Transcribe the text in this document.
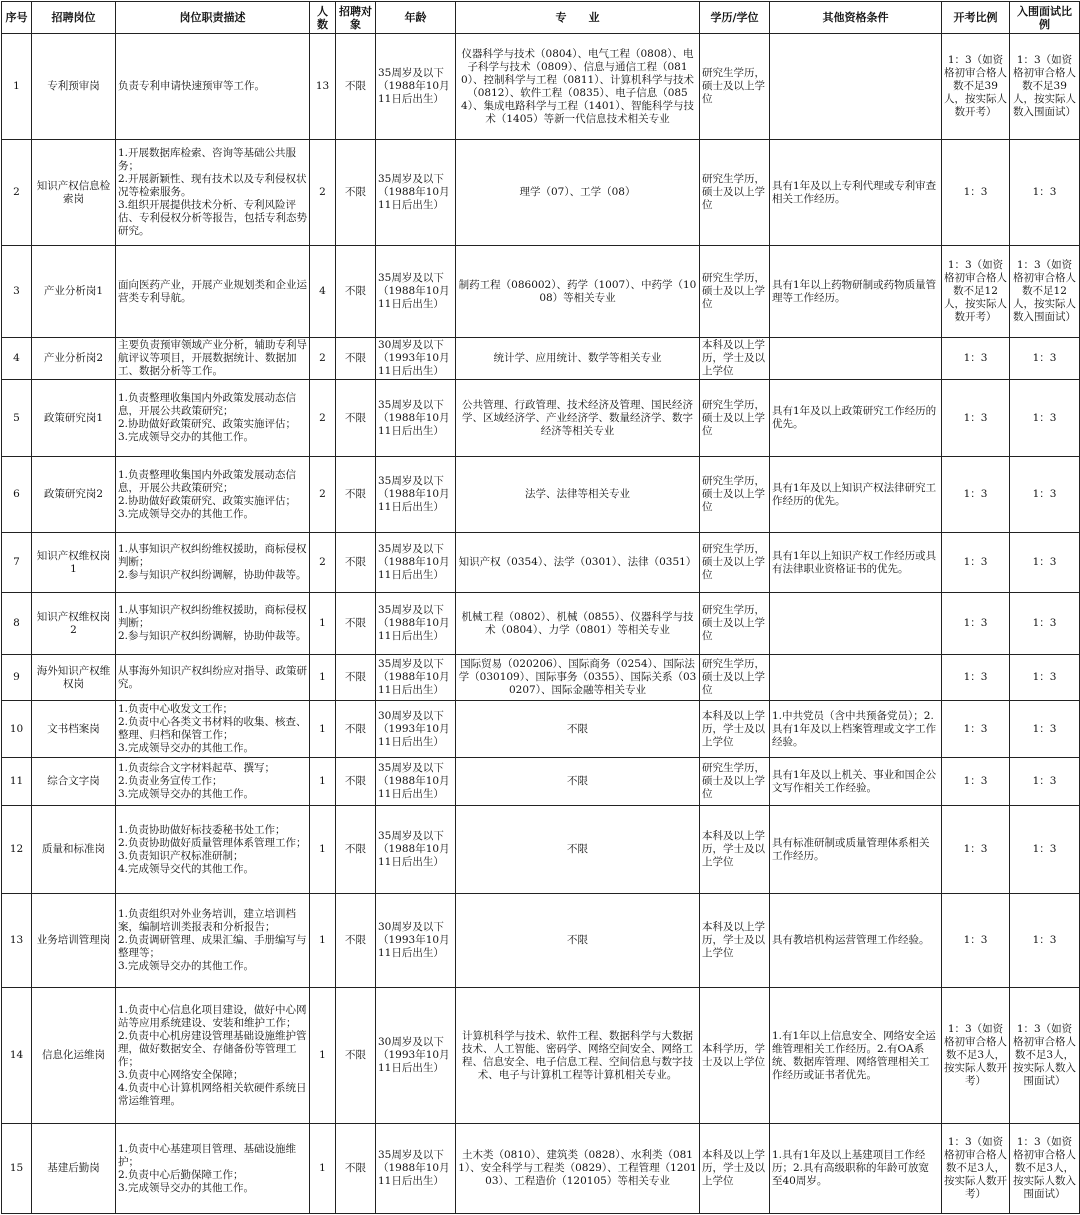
序号	招聘岗位	岗位职责描述	人数	招聘对象	年龄	专　　业	学历/学位	其他资格条件	开考比例	入围面试比例
1	专利预审岗	负责专利申请快速预审等工作。	13	不限	35周岁及以下（1988年10月11日后出生）	仪器科学与技术（0804）、电气工程（0808）、电子科学与技术（0809）、信息与通信工程（0810）、控制科学与工程（0811）、计算机科学与技术（0812）、软件工程（0835）、电子信息（0854）、集成电路科学与工程（1401）、智能科学与技术（1405）等新一代信息技术相关专业	研究生学历，硕士及以上学位		1：3（如资格初审合格人数不足39人，按实际人数开考）	1：3（如资格初审合格人数不足39人，按实际人数入围面试）
2	知识产权信息检索岗	1.开展数据库检索、咨询等基础公共服务；
2.开展新颖性、现有技术以及专利侵权状况等检索服务。
3.组织开展提供技术分析、专利风险评估、专利侵权分析等报告，包括专利态势研究。	2	不限	35周岁及以下（1988年10月11日后出生）	理学（07）、工学（08）	研究生学历，硕士及以上学位	具有1年及以上专利代理或专利审查相关工作经历。	1：3	1：3
3	产业分析岗1	面向医药产业，开展产业规划类和企业运营类专利导航。	4	不限	35周岁及以下（1988年10月11日后出生）	制药工程（086002）、药学（1007）、中药学（1008）等相关专业	研究生学历，硕士及以上学位	具有1年以上药物研制或药物质量管理等工作经历。	1：3（如资格初审合格人数不足12人，按实际人数开考）	1：3（如资格初审合格人数不足12人，按实际人数入围面试）
4	产业分析岗2	主要负责预审领域产业分析，辅助专利导航评议等项目，开展数据统计、数据加工、数据分析等工作。	2	不限	30周岁及以下（1993年10月11日后出生）	统计学、应用统计、数学等相关专业	本科及以上学历，学士及以上学位		1：3	1：3
5	政策研究岗1	1.负责整理收集国内外政策发展动态信息，开展公共政策研究；
2.协助做好政策研究、政策实施评估；
3.完成领导交办的其他工作。	2	不限	35周岁及以下（1988年10月11日后出生）	公共管理、行政管理、技术经济及管理、国民经济学、区域经济学、产业经济学、数量经济学、数字经济等相关专业	研究生学历，硕士及以上学位	具有1年及以上政策研究工作经历的优先。	1：3	1：3
6	政策研究岗2	1.负责整理收集国内外政策发展动态信息，开展公共政策研究；
2.协助做好政策研究、政策实施评估；
3.完成领导交办的其他工作。	2	不限	35周岁及以下（1988年10月11日后出生）	法学、法律等相关专业	研究生学历，硕士及以上学位	具有1年及以上知识产权法律研究工作经历的优先。	1：3	1：3
7	知识产权维权岗1	1.从事知识产权纠纷维权援助，商标侵权判断；
2.参与知识产权纠纷调解，协助仲裁等。	2	不限	35周岁及以下（1988年10月11日后出生）	知识产权（0354）、法学（0301）、法律（0351）	研究生学历，硕士及以上学位	具有1年以上知识产权工作经历或具有法律职业资格证书的优先。	1：3	1：3
8	知识产权维权岗2	1.从事知识产权纠纷维权援助，商标侵权判断；
2.参与知识产权纠纷调解，协助仲裁等。	1	不限	35周岁及以下（1988年10月11日后出生）	机械工程（0802）、机械（0855）、仪器科学与技术（0804）、力学（0801）等相关专业	研究生学历，硕士及以上学位		1：3	1：3
9	海外知识产权维权岗	从事海外知识产权纠纷应对指导、政策研究。	1	不限	35周岁及以下（1988年10月11日后出生）	国际贸易（020206）、国际商务（0254）、国际法学（030109）、国际事务（0355）、国际关系（030207）、国际金融等相关专业	研究生学历，硕士及以上学位		1：3	1：3
10	文书档案岗	1.负责中心收发文工作；
2.负责中心各类文书材料的收集、核查、整理、归档和保管工作；
3.完成领导交办的其他工作。	1	不限	30周岁及以下（1993年10月11日后出生）	不限	本科及以上学历，学士及以上学位	1.中共党员（含中共预备党员）；2.具有1年及以上档案管理或文字工作经验。	1：3	1：3
11	综合文字岗	1.负责综合文字材料起草、撰写；
2.负责业务宣传工作；
3.完成领导交办的其他工作。	1	不限	35周岁及以下（1988年10月11日后出生）	不限	研究生学历，硕士及以上学位	具有1年及以上机关、事业和国企公文写作相关工作经验。	1：3	1：3
12	质量和标准岗	1.负责协助做好标技委秘书处工作；
2.负责协助做好质量管理体系管理工作；
3.负责知识产权标准研制；
4.完成领导交代的其他工作。	1	不限	35周岁及以下（1988年10月11日后出生）	不限	本科及以上学历，学士及以上学位	具有标准研制或质量管理体系相关工作经历。	1：3	1：3
13	业务培训管理岗	1.负责组织对外业务培训，建立培训档案，编制培训类报表和分析报告；
2.负责调研管理、成果汇编、手册编写与整理等；
3.完成领导交办的其他工作。	1	不限	30周岁及以下（1993年10月11日后出生）	不限	本科及以上学历，学士及以上学位	具有教培机构运营管理工作经验。	1：3	1：3
14	信息化运维岗	1.负责中心信息化项目建设，做好中心网站等应用系统建设、安装和维护工作；
2.负责中心机房建设管理基础设施维护管理，做好数据安全、存储备份等管理工作；
3.负责中心网络安全保障；
4.负责中心计算机网络相关软硬件系统日常运维管理。	1	不限	30周岁及以下（1993年10月11日后出生）	计算机科学与技术、软件工程、数据科学与大数据技术、人工智能、密码学、网络空间安全、网络工程、信息安全、电子信息工程、空间信息与数字技术、电子与计算机工程等计算机相关专业。	本科学历，学士及以上学位	1.有1年以上信息安全、网络安全运维管理相关工作经历。2.有OA系统、数据库管理、网络管理相关工作经历或证书者优先。	1：3（如资格初审合格人数不足3人，按实际人数开考）	1：3（如资格初审合格人数不足3人，按实际人数入围面试）
15	基建后勤岗	1.负责中心基建项目管理、基础设施维护；
2.负责中心后勤保障工作；
3.完成领导交办的其他工作。	1	不限	35周岁及以下（1988年10月11日后出生）	土木类（0810）、建筑类（0828）、水利类（0811）、安全科学与工程类（0829）、工程管理（120103）、工程造价（120105）等相关专业	本科及以上学历，学士及以上学位	1.具有1年及以上基建项目工作经历；2.具有高级职称的年龄可放宽至40周岁。	1：3（如资格初审合格人数不足3人，按实际人数开考）	1：3（如资格初审合格人数不足3人，按实际人数入围面试）
